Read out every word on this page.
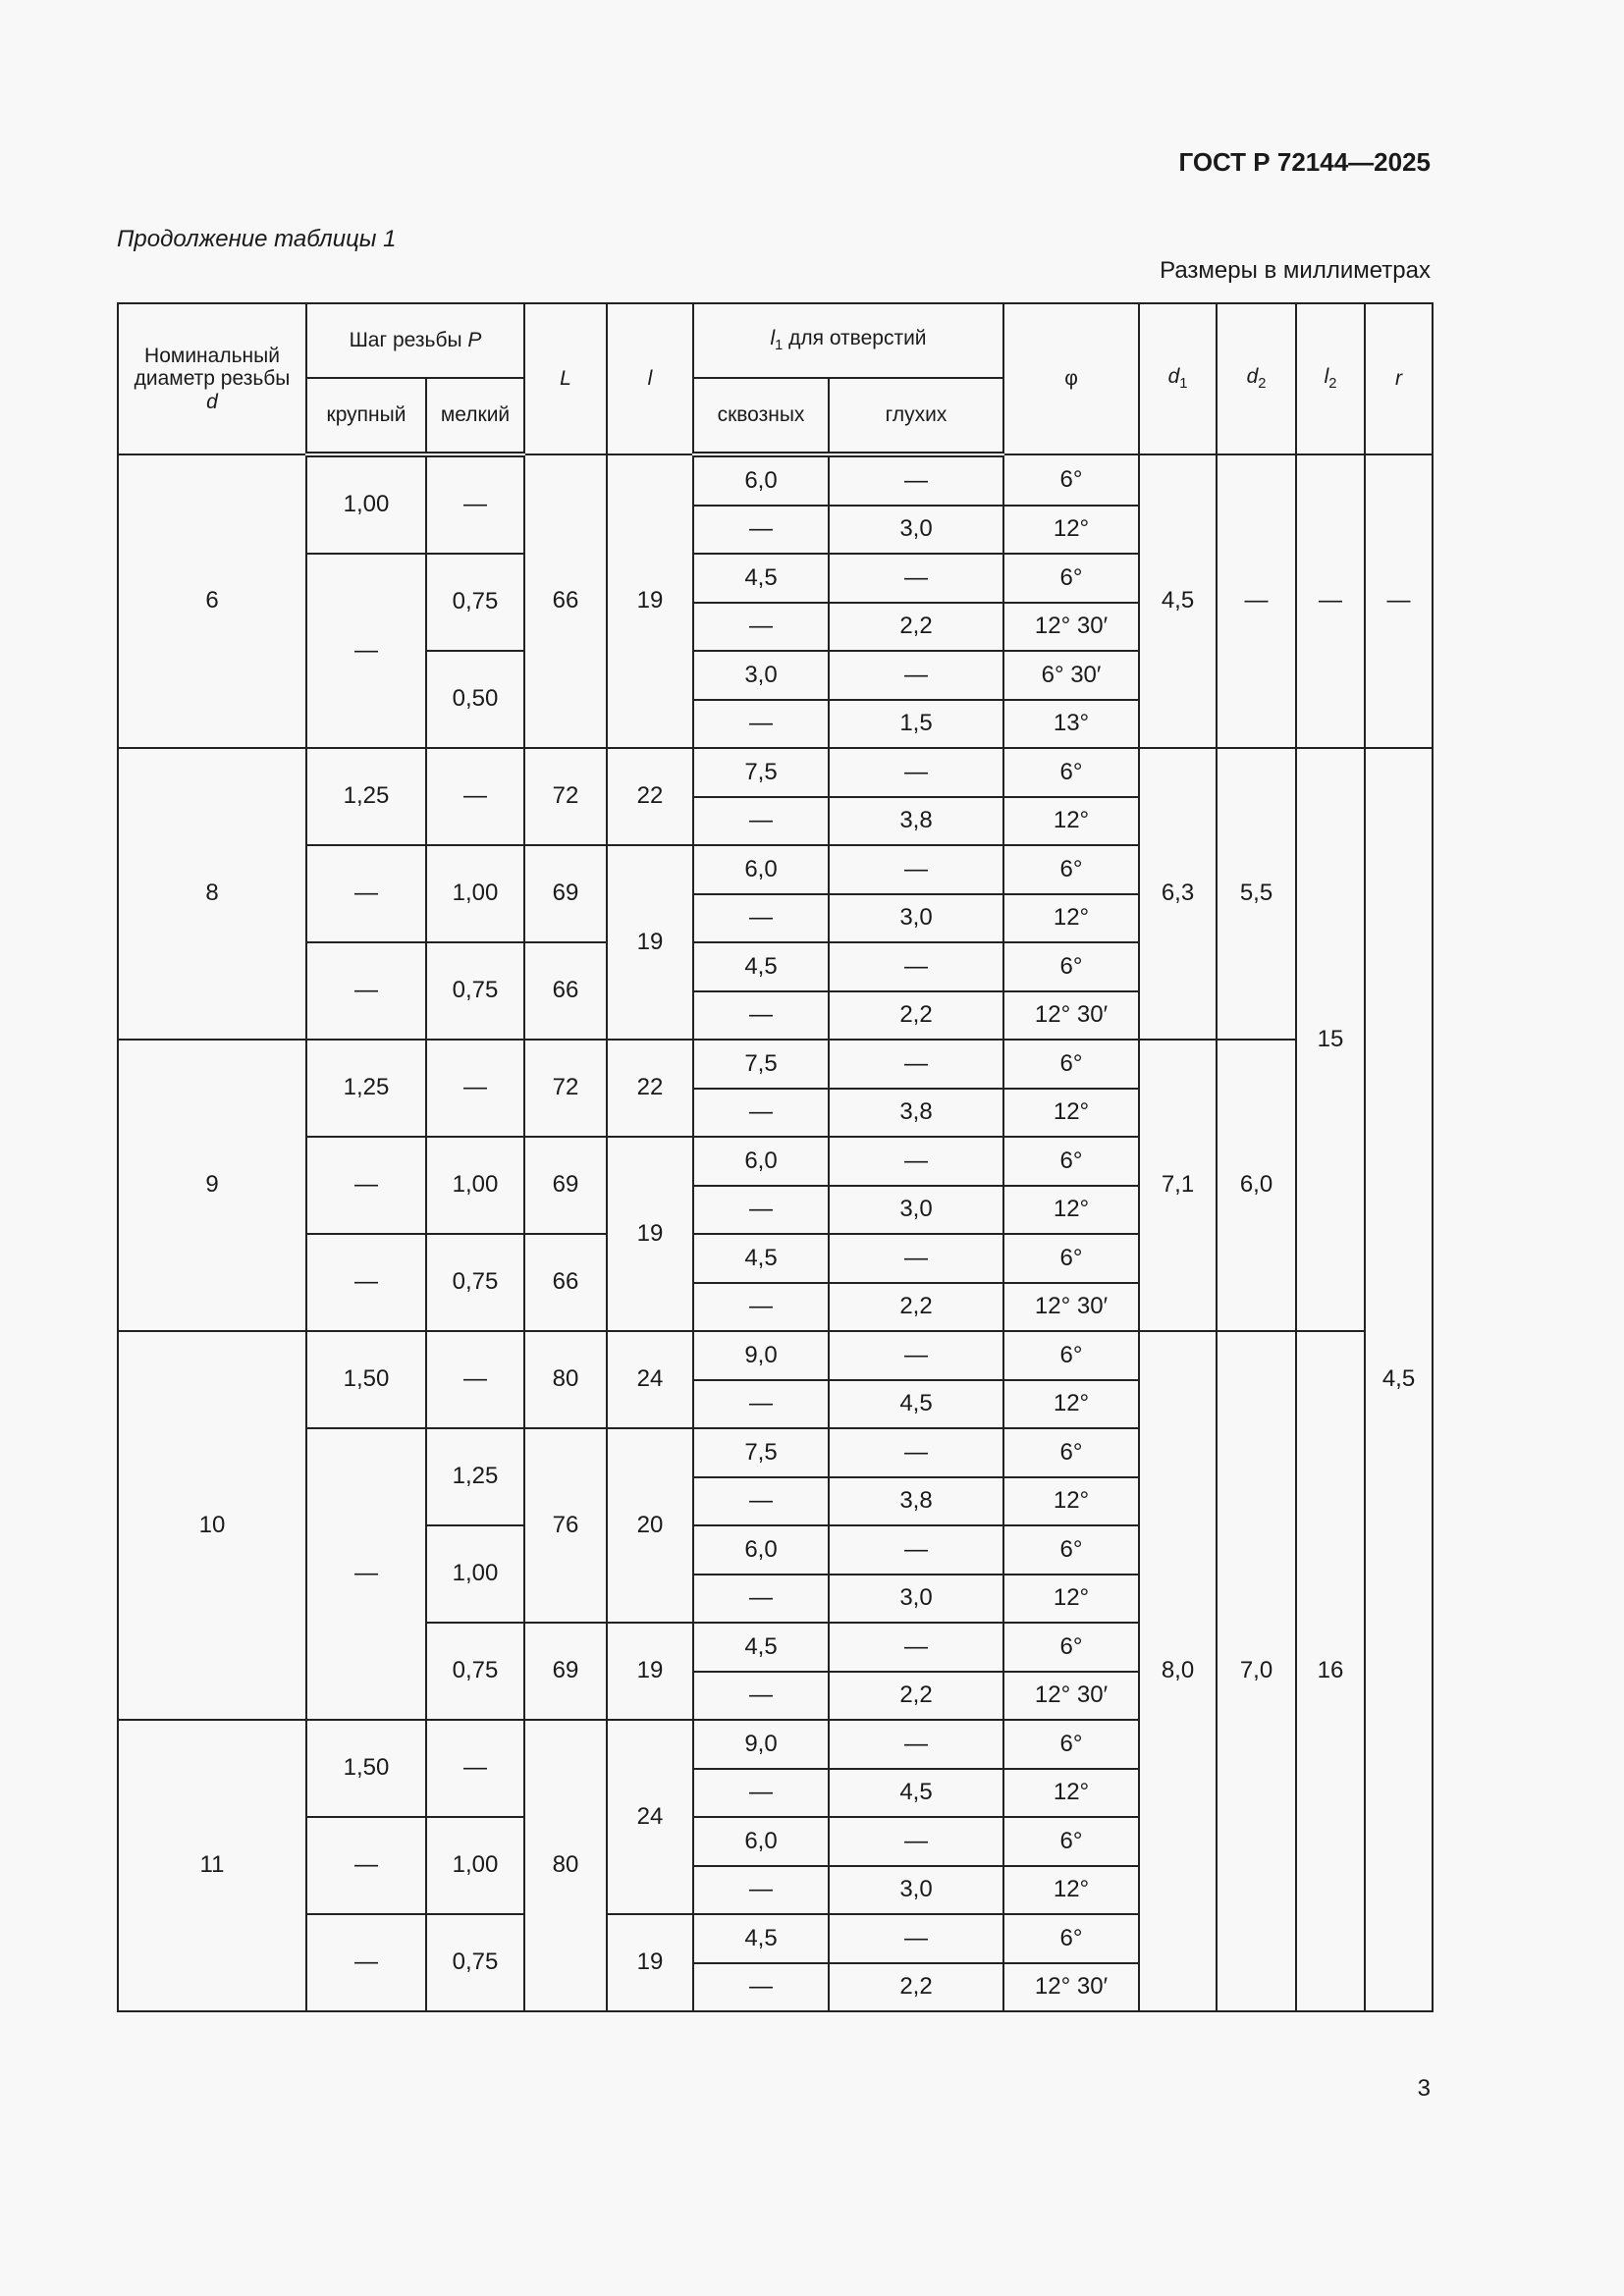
ГОСТ Р 72144—2025
Продолжение таблицы 1
Размеры в миллиметрах
Номинальный
диаметр резьбы
d	Шаг резьбы P		L	l	$l_1$ для отверстий		φ	$d_1$	$d_2$	$l_2$	r
	крупный	мелкий			сквозных	глухих					
6	1,00	—	66	19	6,0	—	6°	4,5	—	—	—
					—	3,0	12°				
	—	0,75			4,5	—	6°				
					—	2,2	12° 30′				
		0,50			3,0	—	6° 30′				
					—	1,5	13°				
8	1,25	—	72	22	7,5	—	6°	6,3	5,5	15	4,5
					—	3,8	12°				
	—	1,00	69	19	6,0	—	6°				
					—	3,0	12°				
	—	0,75	66		4,5	—	6°				
					—	2,2	12° 30′				
9	1,25	—	72	22	7,5	—	6°	7,1	6,0		
					—	3,8	12°				
	—	1,00	69	19	6,0	—	6°				
					—	3,0	12°				
	—	0,75	66		4,5	—	6°				
					—	2,2	12° 30′				
10	1,50	—	80	24	9,0	—	6°	8,0	7,0	16	
					—	4,5	12°				
	—	1,25	76	20	7,5	—	6°				
					—	3,8	12°				
		1,00			6,0	—	6°				
					—	3,0	12°				
		0,75	69	19	4,5	—	6°				
					—	2,2	12° 30′				
11	1,50	—	80	24	9,0	—	6°				
					—	4,5	12°				
	—	1,00			6,0	—	6°				
					—	3,0	12°				
	—	0,75		19	4,5	—	6°				
					—	2,2	12° 30′				
3
